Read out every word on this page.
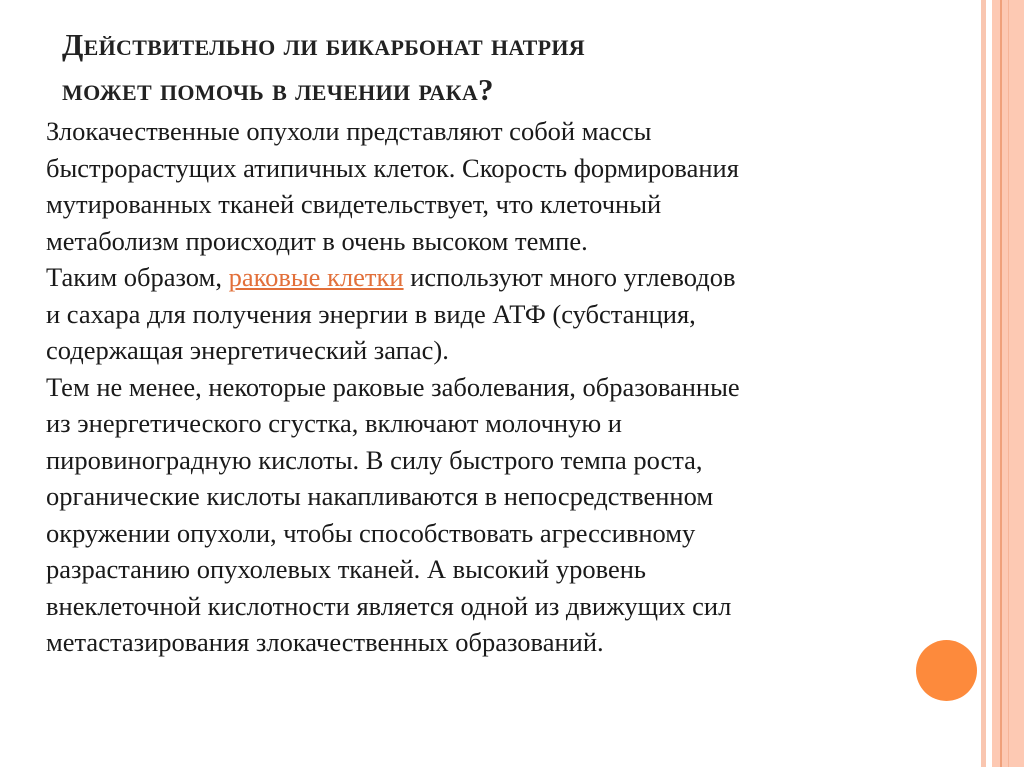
Действительно ли бикарбонат натрия
может помочь в лечении рака?

Злокачественные опухоли представляют собой массы
быстрорастущих атипичных клеток. Скорость формирования
мутированных тканей свидетельствует, что клеточный
метаболизм происходит в очень высоком темпе.

Таким образом, раковые клетки используют много углеводов
и сахара для получения энергии в виде АТФ (субстанция,
содержащая энергетический запас).

Тем не менее, некоторые раковые заболевания, образованные
из энергетического сгустка, включают молочную и
пировиноградную кислоты. В силу быстрого темпа роста,
органические кислоты накапливаются в непосредственном
окружении опухоли, чтобы способствовать агрессивному
разрастанию опухолевых тканей. А высокий уровень
внеклеточной кислотности является одной из движущих сил
метастазирования злокачественных образований.
